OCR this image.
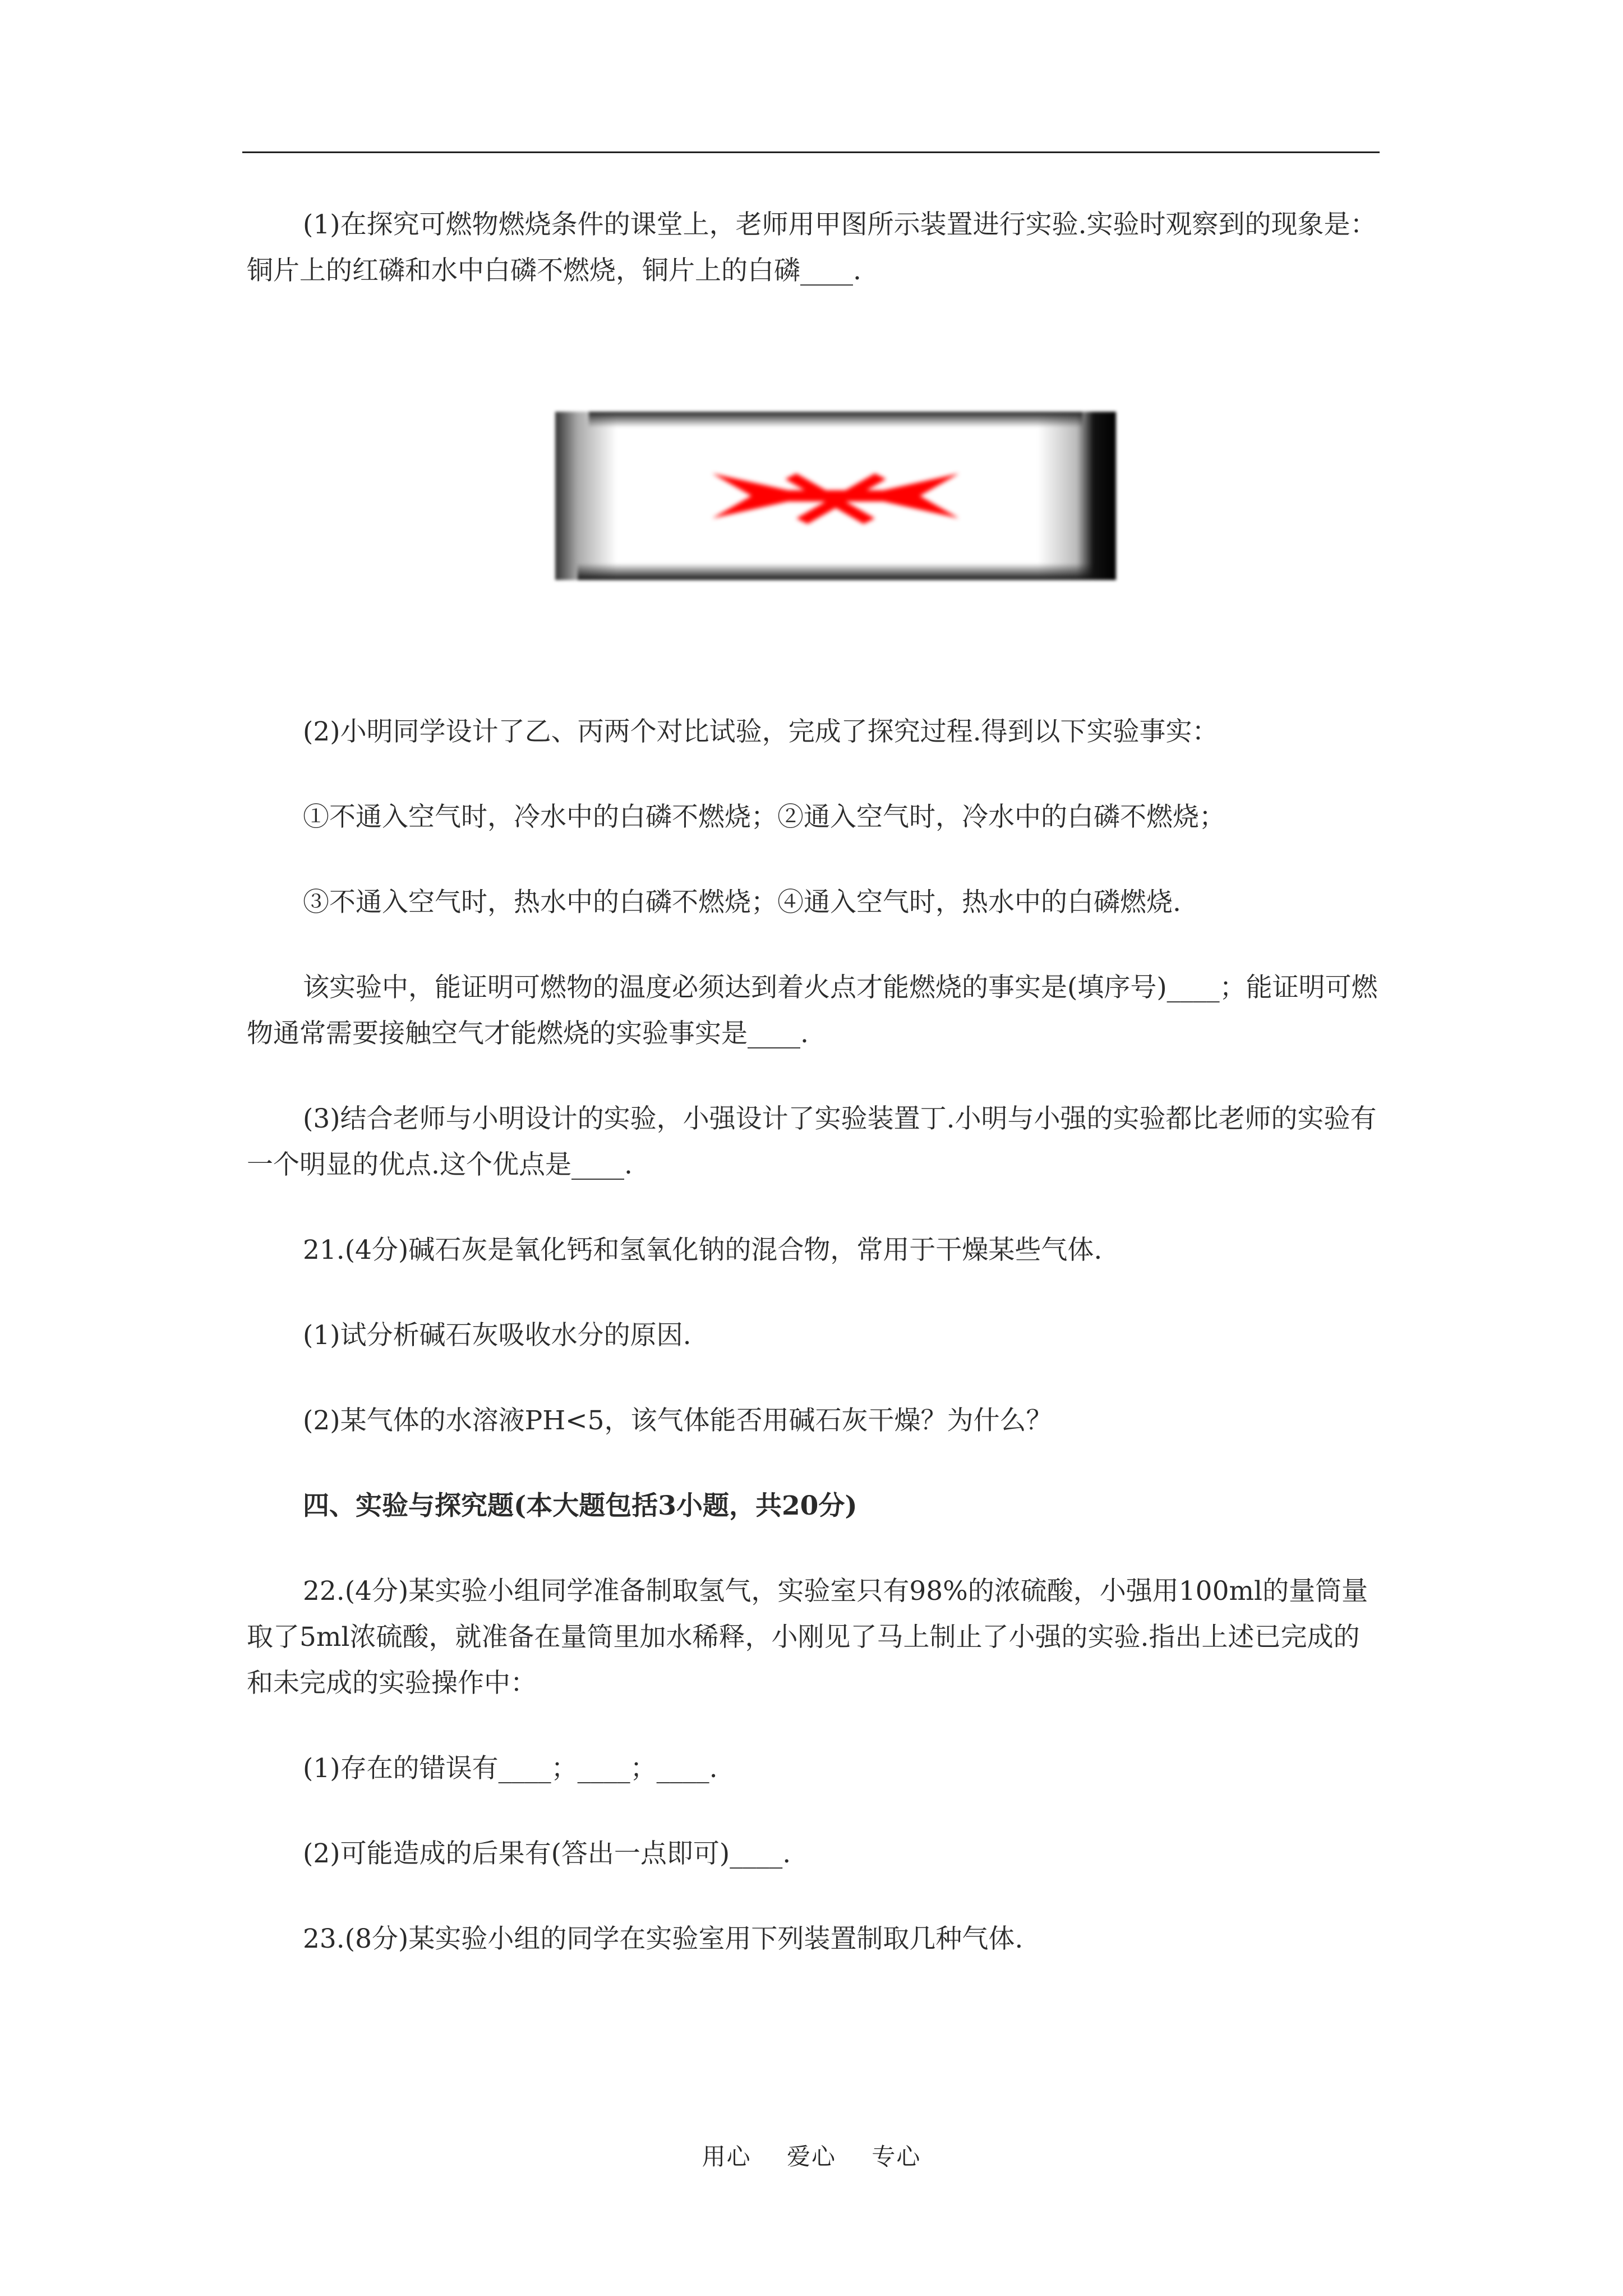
(1)在探究可燃物燃烧条件的课堂上，老师用甲图所示装置进行实验.实验时观察到的现象是：铜片上的红磷和水中白磷不燃烧，铜片上的白磷____.

(2)小明同学设计了乙、丙两个对比试验，完成了探究过程.得到以下实验事实：

①不通入空气时，冷水中的白磷不燃烧；②通入空气时，冷水中的白磷不燃烧；

③不通入空气时，热水中的白磷不燃烧；④通入空气时，热水中的白磷燃烧.

该实验中，能证明可燃物的温度必须达到着火点才能燃烧的事实是(填序号)____；能证明可燃物通常需要接触空气才能燃烧的实验事实是____.

(3)结合老师与小明设计的实验，小强设计了实验装置丁.小明与小强的实验都比老师的实验有一个明显的优点.这个优点是____.

21.(4分)碱石灰是氧化钙和氢氧化钠的混合物，常用于干燥某些气体.

(1)试分析碱石灰吸收水分的原因.

(2)某气体的水溶液PH<5，该气体能否用碱石灰干燥？为什么？

四、实验与探究题(本大题包括3小题，共20分)

22.(4分)某实验小组同学准备制取氢气，实验室只有98%的浓硫酸，小强用100ml的量筒量取了5ml浓硫酸，就准备在量筒里加水稀释，小刚见了马上制止了小强的实验.指出上述已完成的和未完成的实验操作中：

(1)存在的错误有____；____；____.

(2)可能造成的后果有(答出一点即可)____.

23.(8分)某实验小组的同学在实验室用下列装置制取几种气体.

用心 爱心 专心
